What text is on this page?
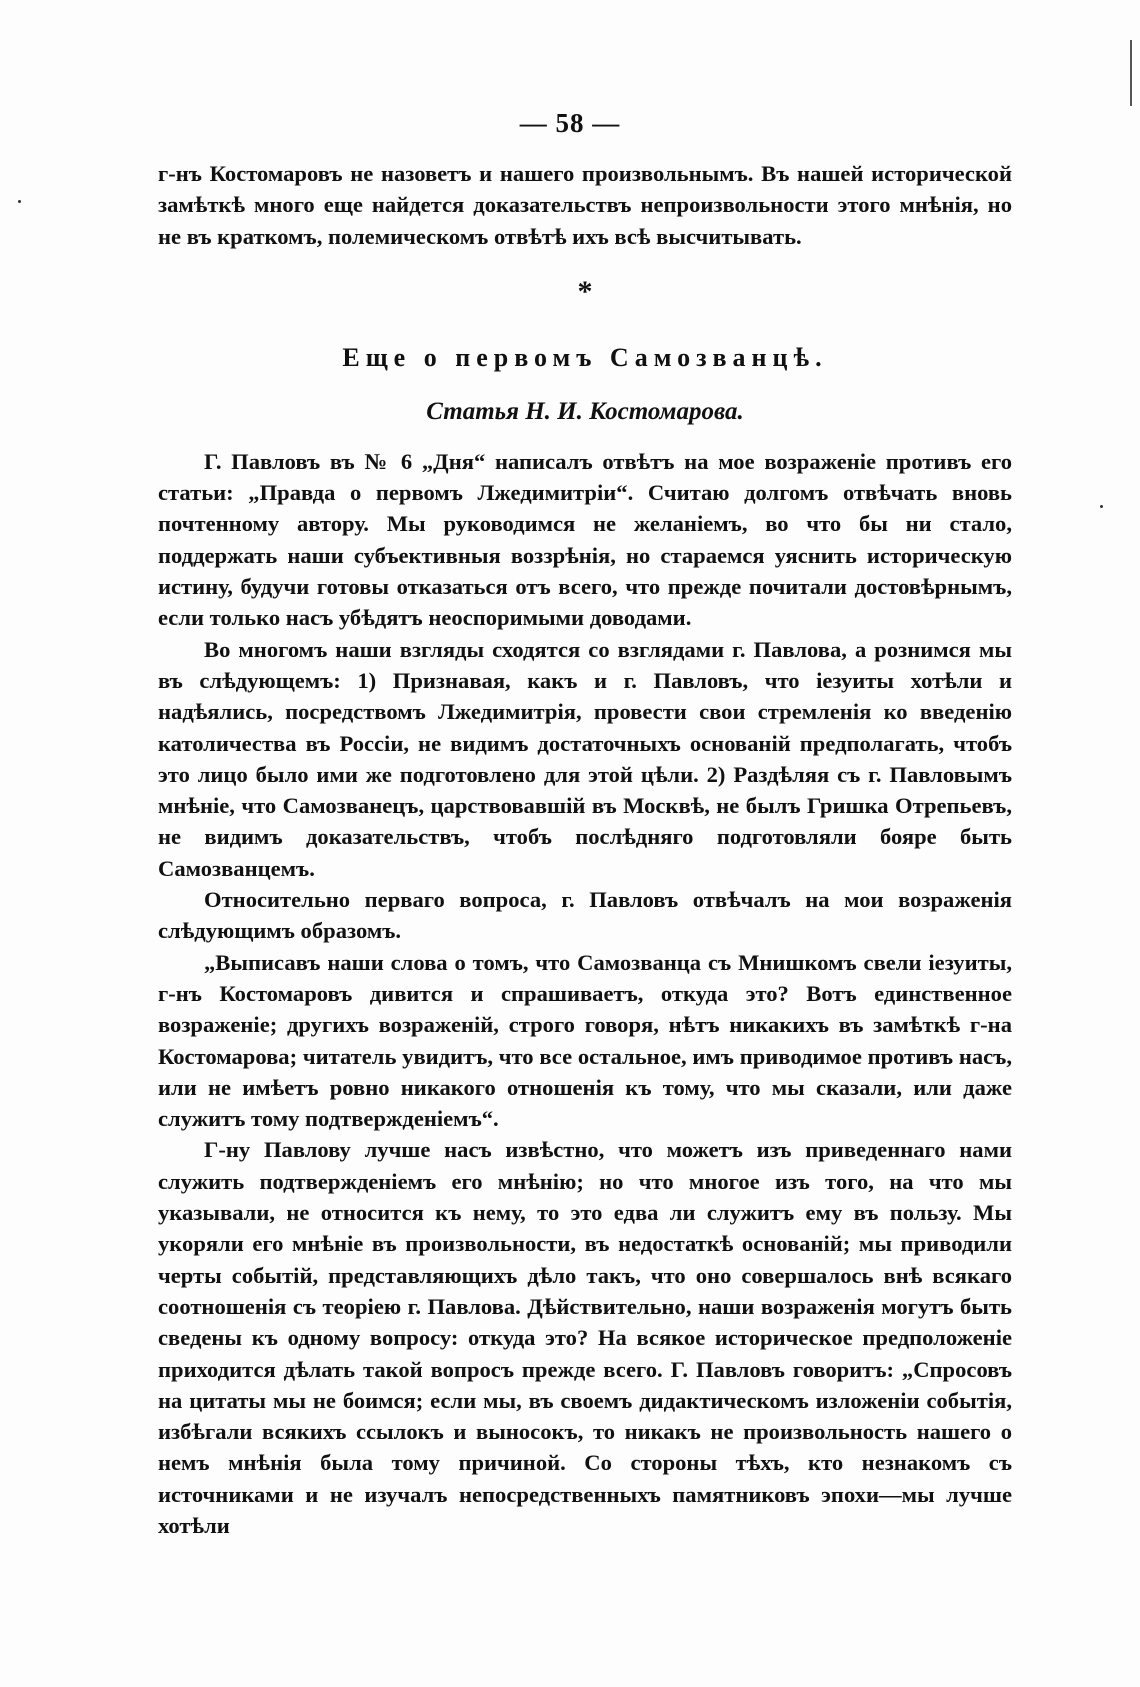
— 58 —

г-нъ Костомаровъ не назоветъ и нашего произвольнымъ. Въ нашей исторической замѣткѣ много еще найдется доказательствъ непроизвольности этого мнѣнія, но не въ краткомъ, полемическомъ отвѣтѣ ихъ всѣ высчитывать.

*
Еще о первомъ Самозванцѣ.
Статья Н. И. Костомарова.

Г. Павловъ въ № 6 „Дня“ написалъ отвѣтъ на мое возраженіе противъ его статьи: „Правда о первомъ Лжедимитріи“. Считаю долгомъ отвѣчать вновь почтенному автору. Мы руководимся не желаніемъ, во что бы ни стало, поддержать наши субъективныя воззрѣнія, но стараемся уяснить историческую истину, будучи готовы отказаться отъ всего, что прежде почитали достовѣрнымъ, если только насъ убѣдятъ неоспоримыми доводами.

Во многомъ наши взгляды сходятся со взглядами г. Павлова, а рознимся мы въ слѣдующемъ: 1) Признавая, какъ и г. Павловъ, что іезуиты хотѣли и надѣялись, посредствомъ Лжедимитрія, провести свои стремленія ко введенію католичества въ Россіи, не видимъ достаточныхъ основаній предполагать, чтобъ это лицо было ими же подготовлено для этой цѣли. 2) Раздѣляя съ г. Павловымъ мнѣніе, что Самозванецъ, царствовавшій въ Москвѣ, не былъ Гришка Отрепьевъ, не видимъ доказательствъ, чтобъ послѣдняго подготовляли бояре быть Самозванцемъ.

Относительно перваго вопроса, г. Павловъ отвѣчалъ на мои возраженія слѣдующимъ образомъ.

„Выписавъ наши слова о томъ, что Самозванца съ Мнишкомъ свели іезуиты, г-нъ Костомаровъ дивится и спрашиваетъ, откуда это? Вотъ единственное возраженіе; другихъ возраженій, строго говоря, нѣтъ никакихъ въ замѣткѣ г-на Костомарова; читатель увидитъ, что все остальное, имъ приводимое противъ насъ, или не имѣетъ ровно никакого отношенія къ тому, что мы сказали, или даже служитъ тому подтвержденіемъ“.

Г-ну Павлову лучше насъ извѣстно, что можетъ изъ приведеннаго нами служить подтвержденіемъ его мнѣнію; но что многое изъ того, на что мы указывали, не относится къ нему, то это едва ли служитъ ему въ пользу. Мы укоряли его мнѣніе въ произвольности, въ недостаткѣ основаній; мы приводили черты событій, представляющихъ дѣло такъ, что оно совершалось внѣ всякаго соотношенія съ теоріею г. Павлова. Дѣйствительно, наши возраженія могутъ быть сведены къ одному вопросу: откуда это? На всякое историческое предположеніе приходится дѣлать такой вопросъ прежде всего. Г. Павловъ говоритъ: „Спросовъ на цитаты мы не боимся; если мы, въ своемъ дидактическомъ изложеніи событія, избѣгали всякихъ ссылокъ и выносокъ, то никакъ не произвольность нашего о немъ мнѣнія была тому причиной. Со стороны тѣхъ, кто незнакомъ съ источниками и не изучалъ непосредственныхъ памятниковъ эпохи—мы лучше хотѣли
